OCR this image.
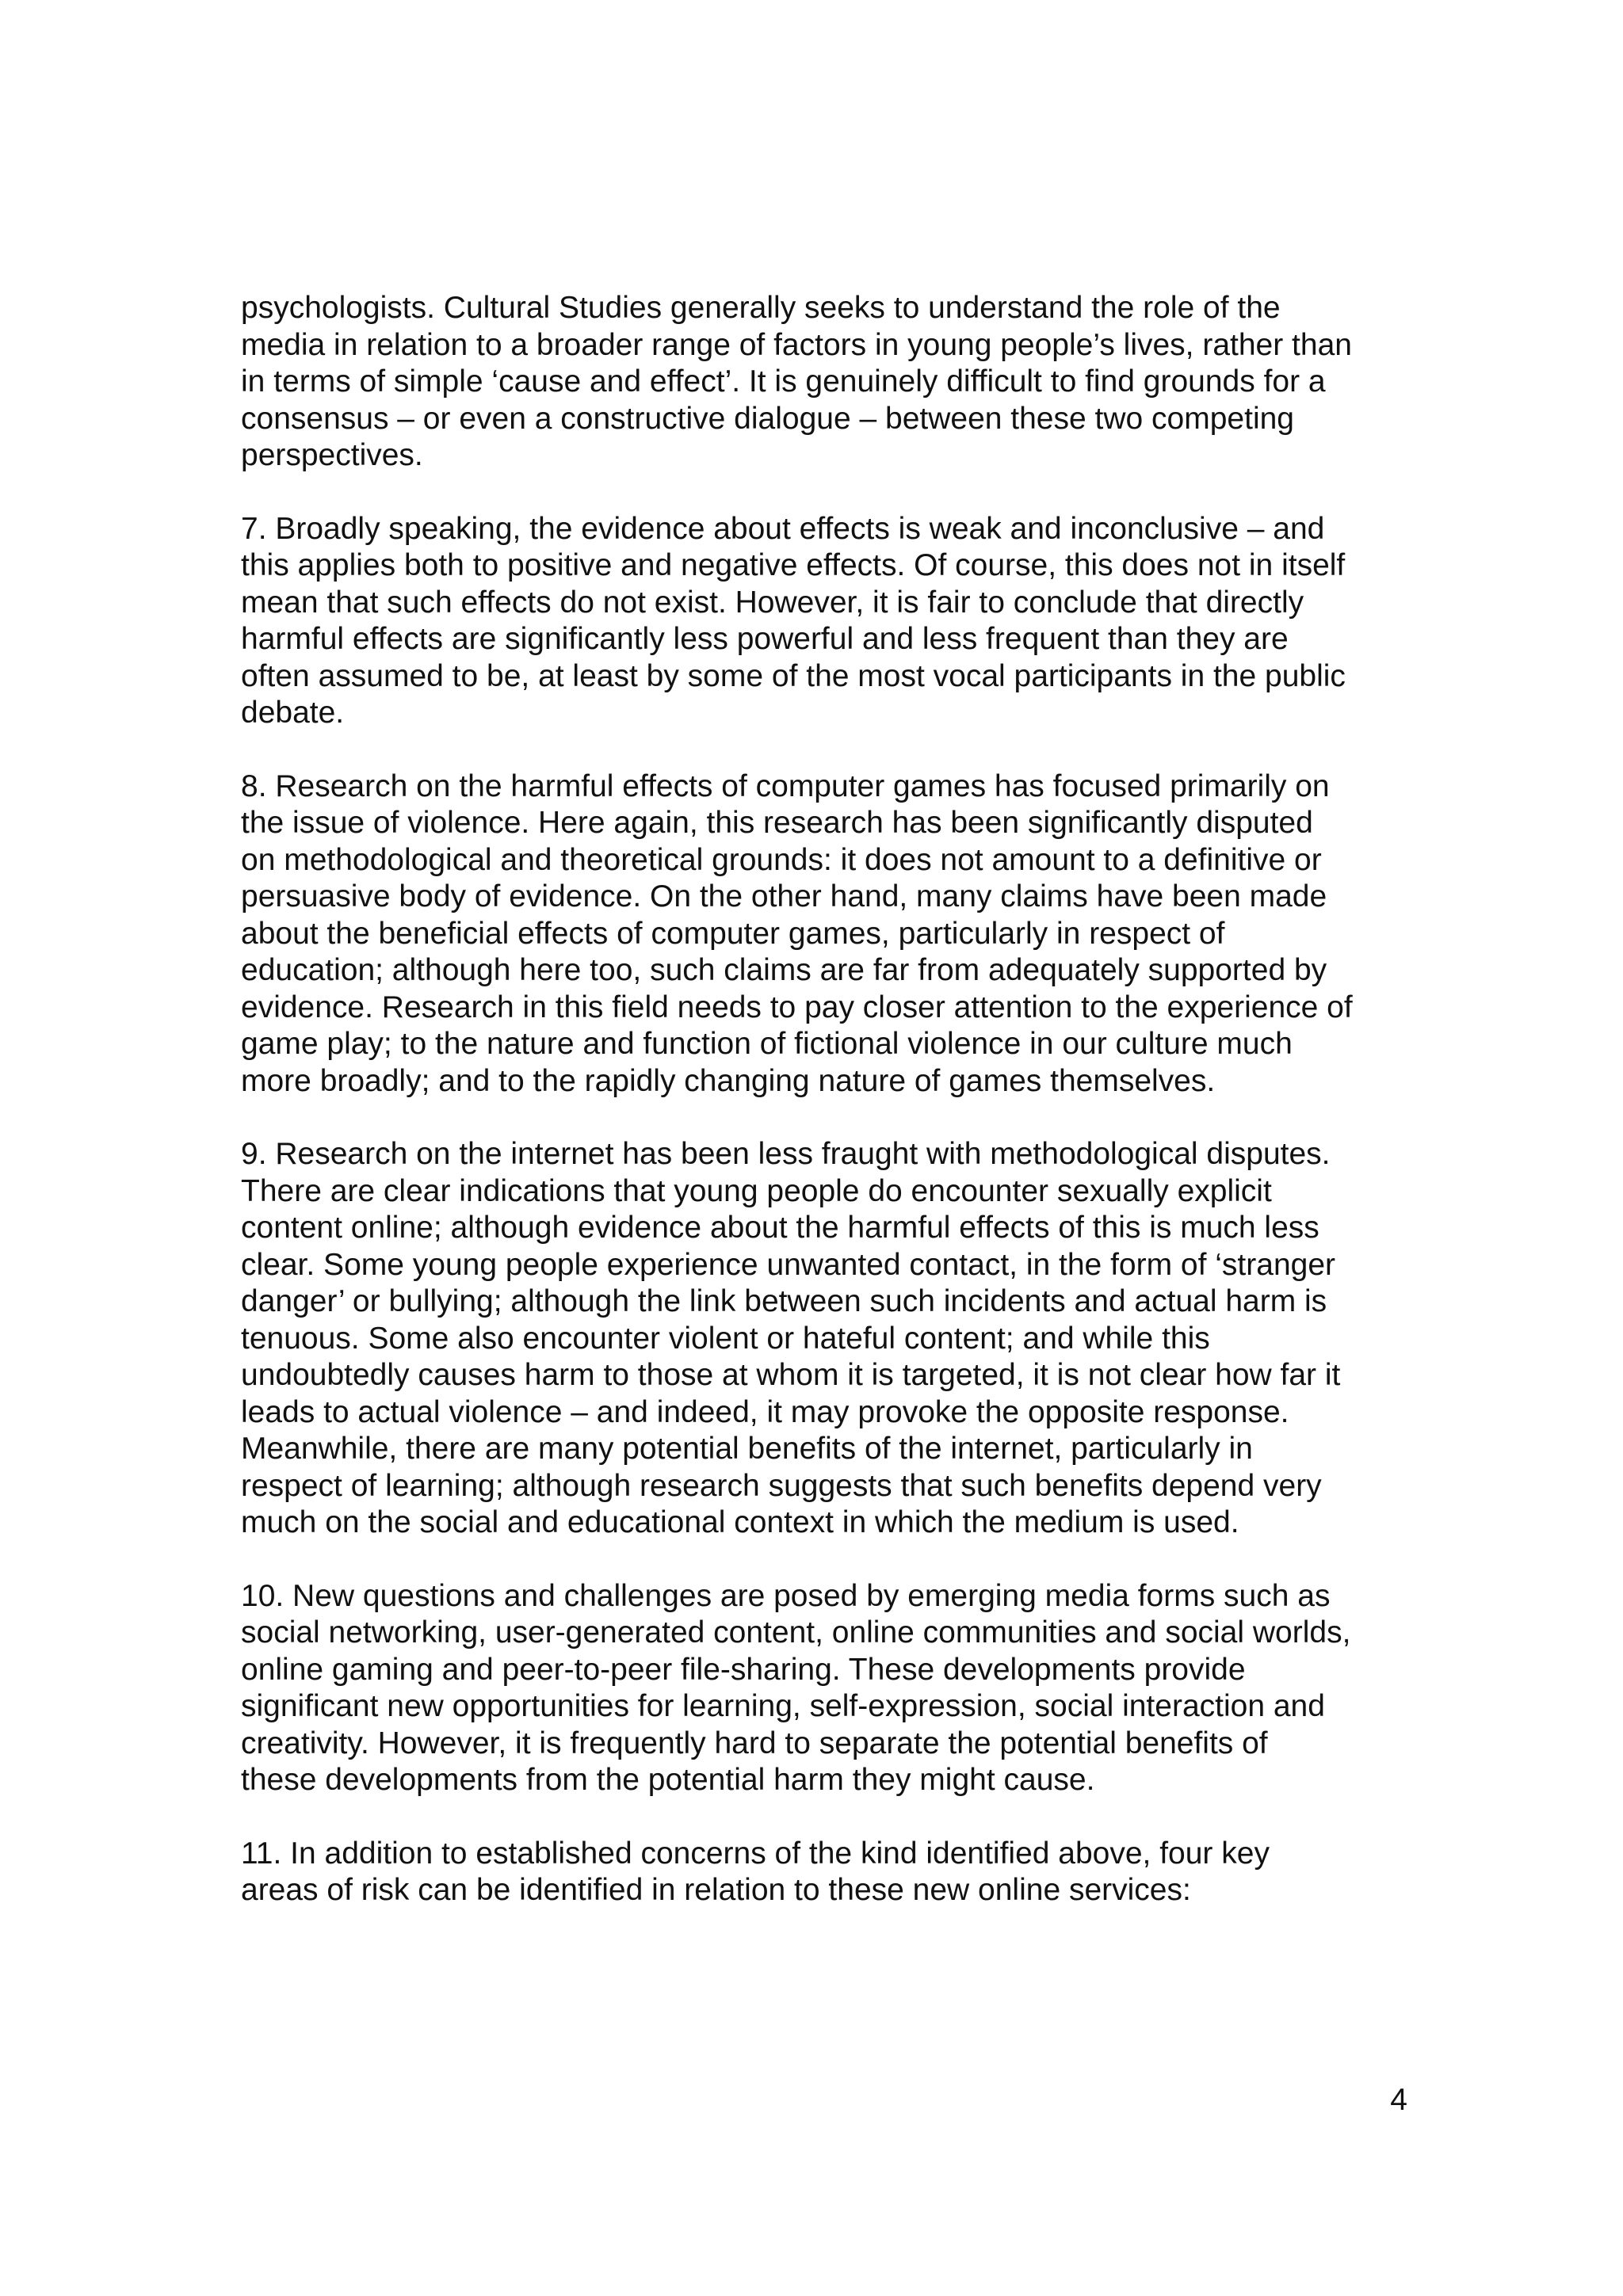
psychologists. Cultural Studies generally seeks to understand the role of the
media in relation to a broader range of factors in young people’s lives, rather than
in terms of simple ‘cause and effect’. It is genuinely difficult to find grounds for a
consensus – or even a constructive dialogue – between these two competing
perspectives.

7. Broadly speaking, the evidence about effects is weak and inconclusive – and
this applies both to positive and negative effects. Of course, this does not in itself
mean that such effects do not exist. However, it is fair to conclude that directly
harmful effects are significantly less powerful and less frequent than they are
often assumed to be, at least by some of the most vocal participants in the public
debate.

8. Research on the harmful effects of computer games has focused primarily on
the issue of violence. Here again, this research has been significantly disputed
on methodological and theoretical grounds: it does not amount to a definitive or
persuasive body of evidence. On the other hand, many claims have been made
about the beneficial effects of computer games, particularly in respect of
education; although here too, such claims are far from adequately supported by
evidence. Research in this field needs to pay closer attention to the experience of
game play; to the nature and function of fictional violence in our culture much
more broadly; and to the rapidly changing nature of games themselves.

9. Research on the internet has been less fraught with methodological disputes.
There are clear indications that young people do encounter sexually explicit
content online; although evidence about the harmful effects of this is much less
clear. Some young people experience unwanted contact, in the form of ‘stranger
danger’ or bullying; although the link between such incidents and actual harm is
tenuous. Some also encounter violent or hateful content; and while this
undoubtedly causes harm to those at whom it is targeted, it is not clear how far it
leads to actual violence – and indeed, it may provoke the opposite response.
Meanwhile, there are many potential benefits of the internet, particularly in
respect of learning; although research suggests that such benefits depend very
much on the social and educational context in which the medium is used.

10. New questions and challenges are posed by emerging media forms such as
social networking, user-generated content, online communities and social worlds,
online gaming and peer-to-peer file-sharing. These developments provide
significant new opportunities for learning, self-expression, social interaction and
creativity. However, it is frequently hard to separate the potential benefits of
these developments from the potential harm they might cause.

11. In addition to established concerns of the kind identified above, four key
areas of risk can be identified in relation to these new online services:

4
